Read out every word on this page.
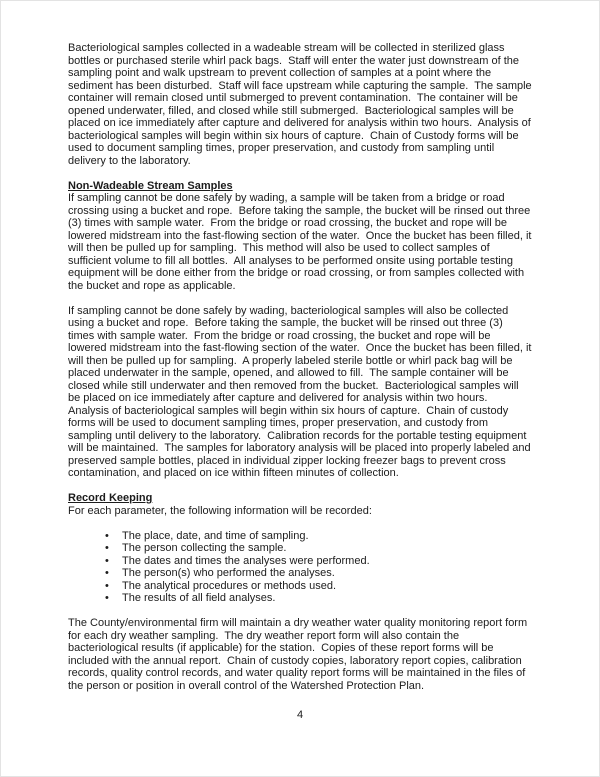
Bacteriological samples collected in a wadeable stream will be collected in sterilized glass bottles or purchased sterile whirl pack bags.  Staff will enter the water just downstream of the sampling point and walk upstream to prevent collection of samples at a point where the sediment has been disturbed.  Staff will face upstream while capturing the sample.  The sample container will remain closed until submerged to prevent contamination.  The container will be opened underwater, filled, and closed while still submerged.  Bacteriological samples will be placed on ice immediately after capture and delivered for analysis within two hours.  Analysis of bacteriological samples will begin within six hours of capture.  Chain of Custody forms will be used to document sampling times, proper preservation, and custody from sampling until delivery to the laboratory.

Non-Wadeable Stream Samples

If sampling cannot be done safely by wading, a sample will be taken from a bridge or road crossing using a bucket and rope.  Before taking the sample, the bucket will be rinsed out three (3) times with sample water.  From the bridge or road crossing, the bucket and rope will be lowered midstream into the fast-flowing section of the water.  Once the bucket has been filled, it will then be pulled up for sampling.  This method will also be used to collect samples of sufficient volume to fill all bottles.  All analyses to be performed onsite using portable testing equipment will be done either from the bridge or road crossing, or from samples collected with the bucket and rope as applicable.

If sampling cannot be done safely by wading, bacteriological samples will also be collected using a bucket and rope.  Before taking the sample, the bucket will be rinsed out three (3) times with sample water.  From the bridge or road crossing, the bucket and rope will be lowered midstream into the fast-flowing section of the water.  Once the bucket has been filled, it will then be pulled up for sampling.  A properly labeled sterile bottle or whirl pack bag will be placed underwater in the sample, opened, and allowed to fill.  The sample container will be closed while still underwater and then removed from the bucket.  Bacteriological samples will be placed on ice immediately after capture and delivered for analysis within two hours.  Analysis of bacteriological samples will begin within six hours of capture.  Chain of custody forms will be used to document sampling times, proper preservation, and custody from sampling until delivery to the laboratory.  Calibration records for the portable testing equipment will be maintained.  The samples for laboratory analysis will be placed into properly labeled and preserved sample bottles, placed in individual zipper locking freezer bags to prevent cross contamination, and placed on ice within fifteen minutes of collection.

Record Keeping

For each parameter, the following information will be recorded:

• The place, date, and time of sampling.
• The person collecting the sample.
• The dates and times the analyses were performed.
• The person(s) who performed the analyses.
• The analytical procedures or methods used.
• The results of all field analyses.

The County/environmental firm will maintain a dry weather water quality monitoring report form for each dry weather sampling.  The dry weather report form will also contain the bacteriological results (if applicable) for the station.  Copies of these report forms will be included with the annual report.  Chain of custody copies, laboratory report copies, calibration records, quality control records, and water quality report forms will be maintained in the files of the person or position in overall control of the Watershed Protection Plan.

4
